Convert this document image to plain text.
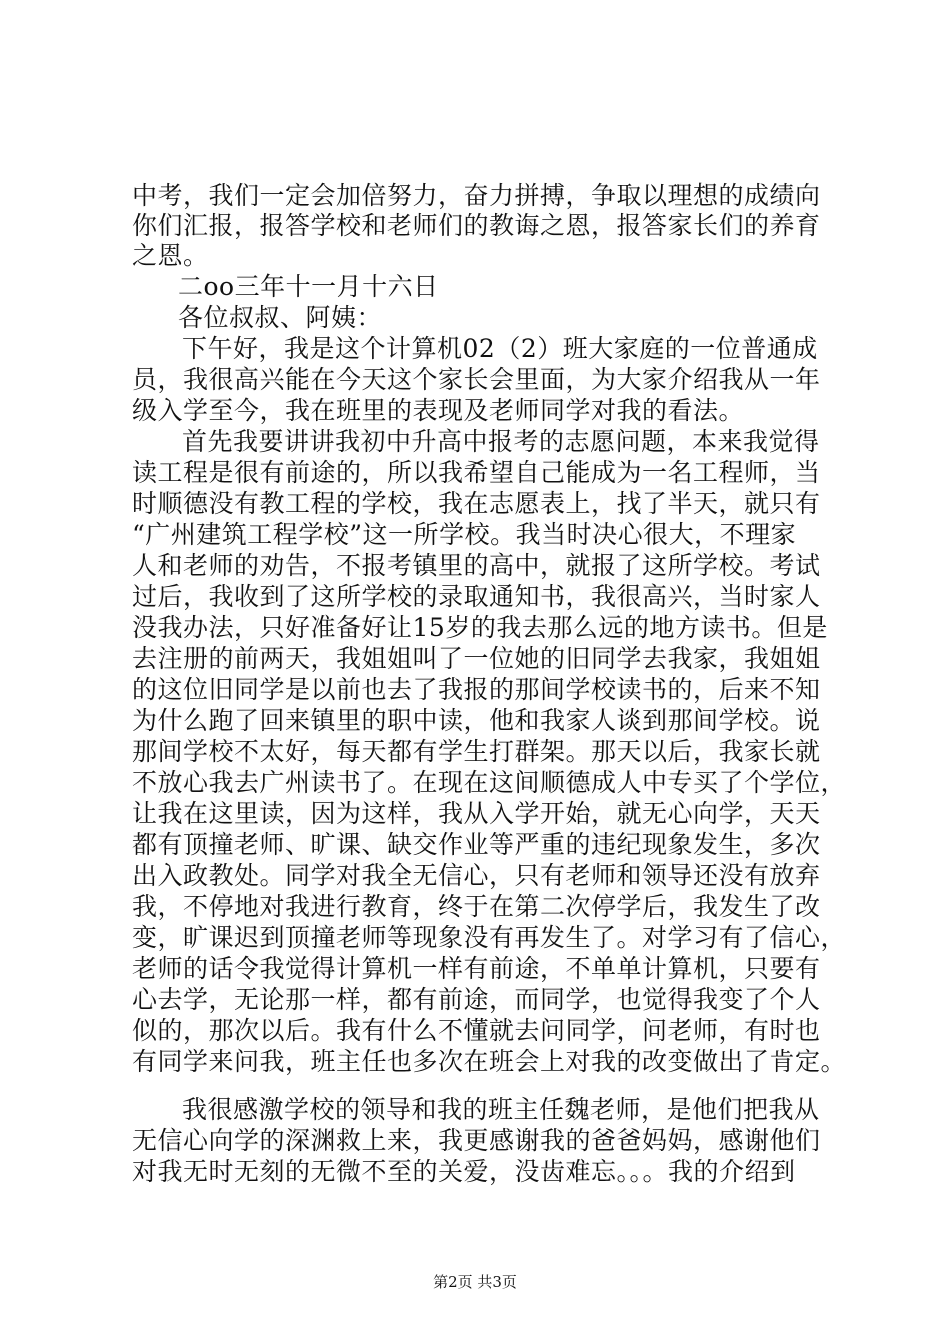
中考，我们一定会加倍努力，奋力拼搏，争取以理想的成绩向
你们汇报，报答学校和老师们的教诲之恩，报答家长们的养育
之恩。
二oo三年十一月十六日
各位叔叔、阿姨：
下午好，我是这个计算机02（2）班大家庭的一位普通成
员，我很高兴能在今天这个家长会里面，为大家介绍我从一年
级入学至今，我在班里的表现及老师同学对我的看法。
首先我要讲讲我初中升高中报考的志愿问题，本来我觉得
读工程是很有前途的，所以我希望自己能成为一名工程师，当
时顺德没有教工程的学校，我在志愿表上，找了半天，就只有
“广州建筑工程学校”这一所学校。我当时决心很大，不理家
人和老师的劝告，不报考镇里的高中，就报了这所学校。考试
过后，我收到了这所学校的录取通知书，我很高兴，当时家人
没我办法，只好准备好让15岁的我去那么远的地方读书。但是
去注册的前两天，我姐姐叫了一位她的旧同学去我家，我姐姐
的这位旧同学是以前也去了我报的那间学校读书的，后来不知
为什么跑了回来镇里的职中读，他和我家人谈到那间学校。说
那间学校不太好，每天都有学生打群架。那天以后，我家长就
不放心我去广州读书了。在现在这间顺德成人中专买了个学位，
让我在这里读，因为这样，我从入学开始，就无心向学，天天
都有顶撞老师、旷课、缺交作业等严重的违纪现象发生，多次
出入政教处。同学对我全无信心，只有老师和领导还没有放弃
我，不停地对我进行教育，终于在第二次停学后，我发生了改
变，旷课迟到顶撞老师等现象没有再发生了。对学习有了信心，
老师的话令我觉得计算机一样有前途，不单单计算机，只要有
心去学，无论那一样，都有前途，而同学，也觉得我变了个人
似的，那次以后。我有什么不懂就去问同学，问老师，有时也
有同学来问我，班主任也多次在班会上对我的改变做出了肯定。
我很感激学校的领导和我的班主任魏老师，是他们把我从
无信心向学的深渊救上来，我更感谢我的爸爸妈妈，感谢他们
对我无时无刻的无微不至的关爱，没齿难忘。。。我的介绍到
第2页 共3页
